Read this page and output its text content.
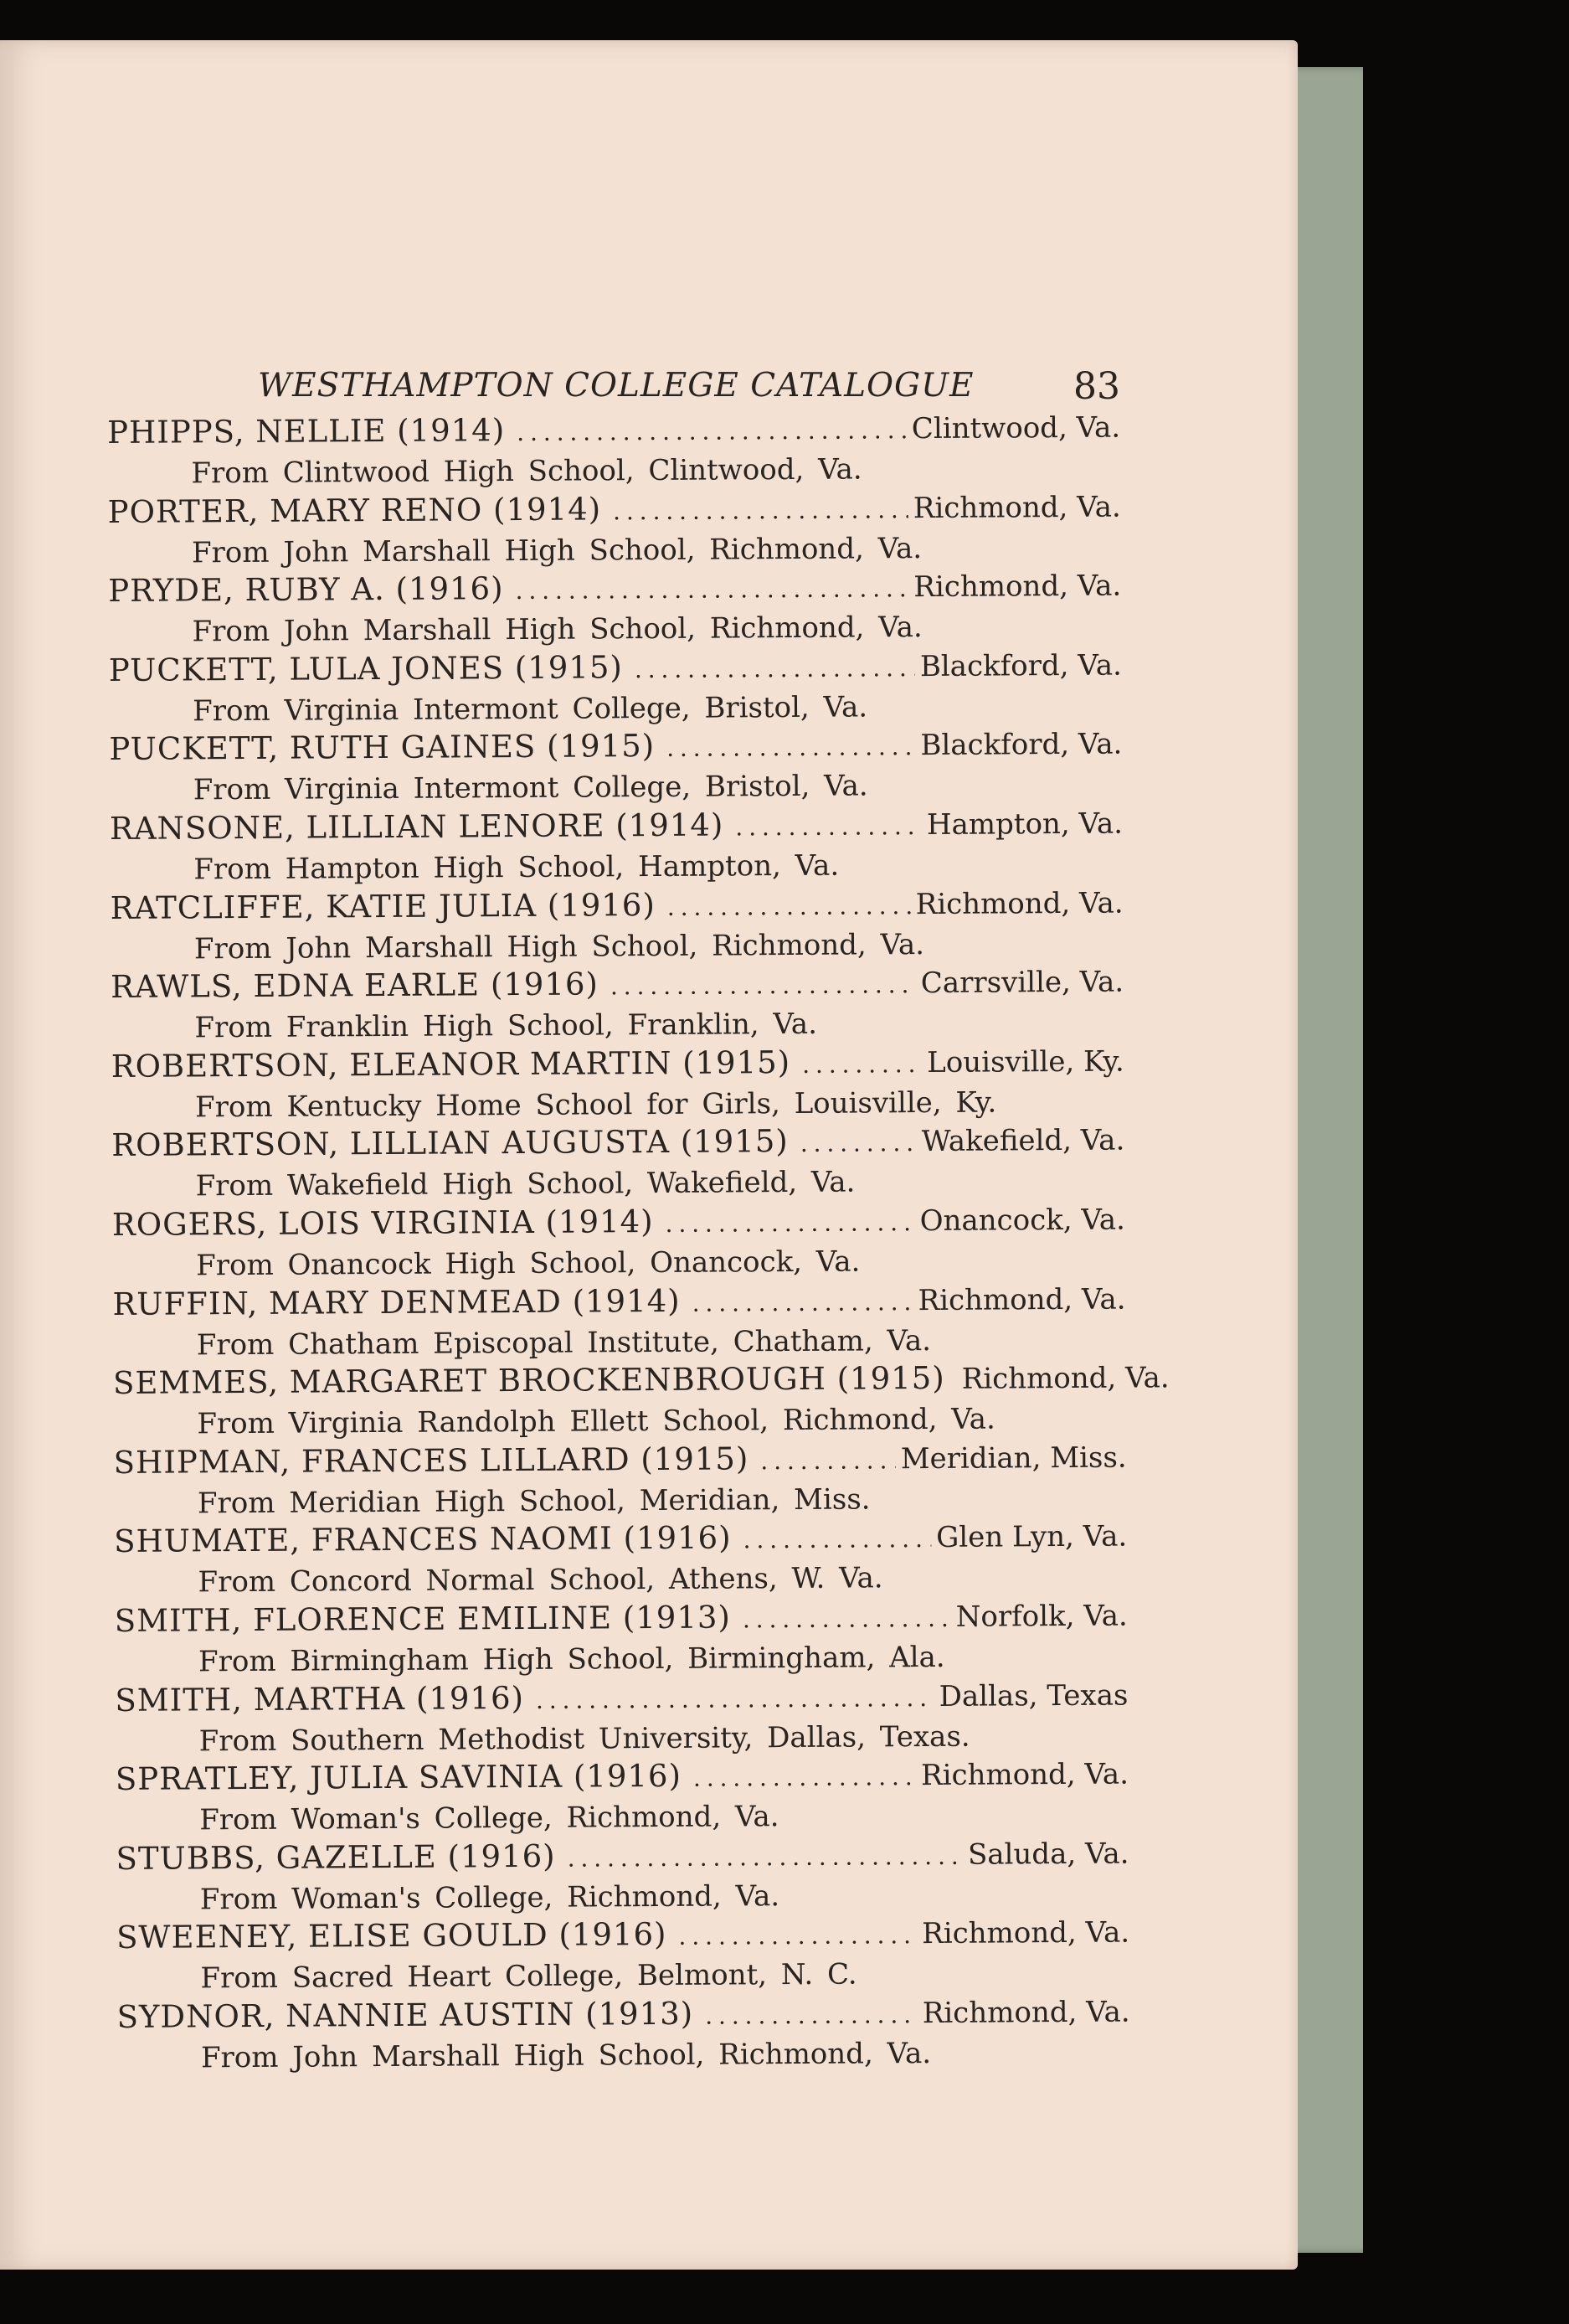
WESTHAMPTON COLLEGE CATALOGUE	83
PHIPPS, NELLIE (1914) . . .	Clintwood, Va.
From Clintwood High School, Clintwood, Va.
PORTER, MARY RENO (1914) . . .	Richmond, Va.
From John Marshall High School, Richmond, Va.
PRYDE, RUBY A. (1916) . . .	Richmond, Va.
From John Marshall High School, Richmond, Va.
PUCKETT, LULA JONES (1915) . . .	Blackford, Va.
From Virginia Intermont College, Bristol, Va.
PUCKETT, RUTH GAINES (1915) . . .	Blackford, Va.
From Virginia Intermont College, Bristol, Va.
RANSONE, LILLIAN LENORE (1914) . . .	Hampton, Va.
From Hampton High School, Hampton, Va.
RATCLIFFE, KATIE JULIA (1916) . . .	Richmond, Va.
From John Marshall High School, Richmond, Va.
RAWLS, EDNA EARLE (1916) . . .	Carrsville, Va.
From Franklin High School, Franklin, Va.
ROBERTSON, ELEANOR MARTIN (1915) . . .	Louisville, Ky.
From Kentucky Home School for Girls, Louisville, Ky.
ROBERTSON, LILLIAN AUGUSTA (1915) . . .	Wakefield, Va.
From Wakefield High School, Wakefield, Va.
ROGERS, LOIS VIRGINIA (1914) . . .	Onancock, Va.
From Onancock High School, Onancock, Va.
RUFFIN, MARY DENMEAD (1914) . . .	Richmond, Va.
From Chatham Episcopal Institute, Chatham, Va.
SEMMES, MARGARET BROCKENBROUGH (1915) . . . Richmond, Va.
From Virginia Randolph Ellett School, Richmond, Va.
SHIPMAN, FRANCES LILLARD (1915) . . .	Meridian, Miss.
From Meridian High School, Meridian, Miss.
SHUMATE, FRANCES NAOMI (1916) . . .	Glen Lyn, Va.
From Concord Normal School, Athens, W. Va.
SMITH, FLORENCE EMILINE (1913) . . .	Norfolk, Va.
From Birmingham High School, Birmingham, Ala.
SMITH, MARTHA (1916) . . .	Dallas, Texas
From Southern Methodist University, Dallas, Texas.
SPRATLEY, JULIA SAVINIA (1916) . . .	Richmond, Va.
From Woman's College, Richmond, Va.
STUBBS, GAZELLE (1916) . . .	Saluda, Va.
From Woman's College, Richmond, Va.
SWEENEY, ELISE GOULD (1916) . . .	Richmond, Va.
From Sacred Heart College, Belmont, N. C.
SYDNOR, NANNIE AUSTIN (1913) . . .	Richmond, Va.
From John Marshall High School, Richmond, Va.
